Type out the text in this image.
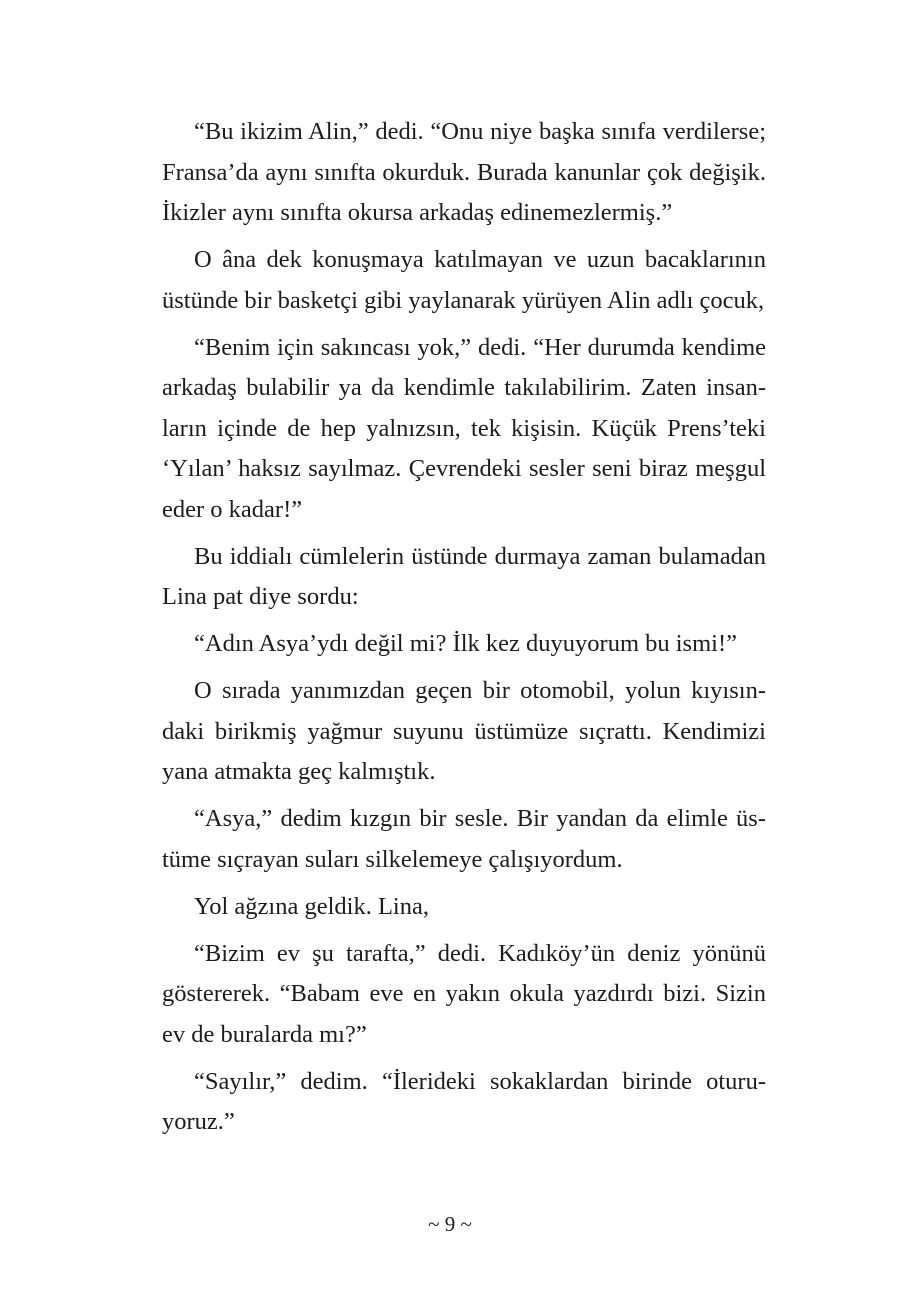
“Bu ikizim Alin,” dedi. “Onu niye başka sınıfa verdilerse;
Fransa’da aynı sınıfta okurduk. Burada kanunlar çok değişik.
İkizler aynı sınıfta okursa arkadaş edinemezlermiş.”
O âna dek konuşmaya katılmayan ve uzun bacaklarının
üstünde bir basketçi gibi yaylanarak yürüyen Alin adlı çocuk,
“Benim için sakıncası yok,” dedi. “Her durumda kendime
arkadaş bulabilir ya da kendimle takılabilirim. Zaten insan-
ların içinde de hep yalnızsın, tek kişisin. Küçük Prens’teki
‘Yılan’ haksız sayılmaz. Çevrendeki sesler seni biraz meşgul
eder o kadar!”
Bu iddialı cümlelerin üstünde durmaya zaman bulamadan
Lina pat diye sordu:
“Adın Asya’ydı değil mi? İlk kez duyuyorum bu ismi!”
O sırada yanımızdan geçen bir otomobil, yolun kıyısın-
daki birikmiş yağmur suyunu üstümüze sıçrattı. Kendimizi
yana atmakta geç kalmıştık.
“Asya,” dedim kızgın bir sesle. Bir yandan da elimle üs-
tüme sıçrayan suları silkelemeye çalışıyordum.
Yol ağzına geldik. Lina,
“Bizim ev şu tarafta,” dedi. Kadıköy’ün deniz yönünü
göstererek. “Babam eve en yakın okula yazdırdı bizi. Sizin
ev de buralarda mı?”
“Sayılır,” dedim. “İlerideki sokaklardan birinde oturu-
yoruz.”
~ 9 ~
